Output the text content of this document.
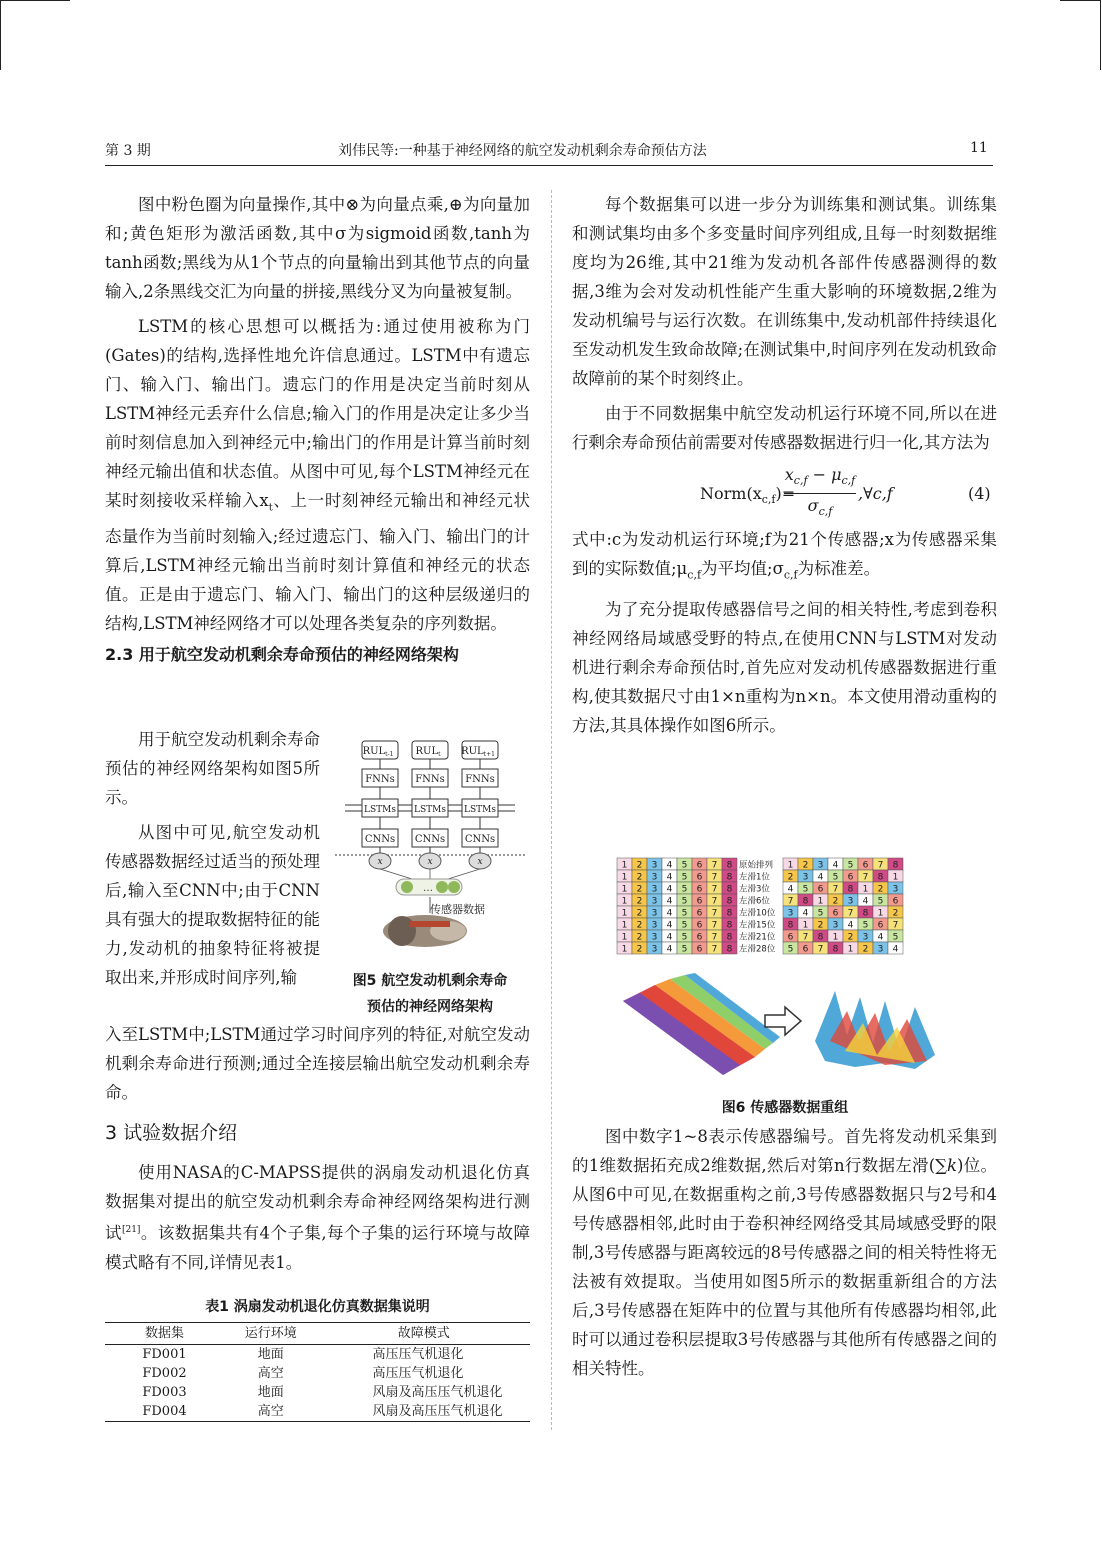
第 3 期	刘伟民等:一种基于神经网络的航空发动机剩余寿命预估方法	11

图中粉色圈为向量操作,其中⊗为向量点乘,⊕为向量加和;黄色矩形为激活函数,其中σ为sigmoid函数,tanh为tanh函数;黑线为从1个节点的向量输出到其他节点的向量输入,2条黑线交汇为向量的拼接,黑线分叉为向量被复制。

LSTM的核心思想可以概括为:通过使用被称为门(Gates)的结构,选择性地允许信息通过。LSTM中有遗忘门、输入门、输出门。遗忘门的作用是决定当前时刻从LSTM神经元丢弃什么信息;输入门的作用是决定让多少当前时刻信息加入到神经元中;输出门的作用是计算当前时刻神经元输出值和状态值。从图中可见,每个LSTM神经元在某时刻接收采样输入$x_t$、上一时刻神经元输出和神经元状态量作为当前时刻输入;经过遗忘门、输入门、输出门的计算后,LSTM神经元输出当前时刻计算值和神经元的状态值。正是由于遗忘门、输入门、输出门的这种层级递归的结构,LSTM神经网络才可以处理各类复杂的序列数据。

2.3 用于航空发动机剩余寿命预估的神经网络架构

用于航空发动机剩余寿命预估的神经网络架构如图5所示。

从图中可见,航空发动机传感器数据经过适当的预处理后,输入至CNN中;由于CNN具有强大的提取数据特征的能力,发动机的抽象特征将被提取出来,并形成时间序列,输

$RUL_{t-1}$ $RUL_t$ $RUL_{t+1}$
FNNs FNNs FNNs
LSTMs LSTMs LSTMs
CNNs CNNs CNNs
x	x	x
…
传感器数据
图5 航空发动机剩余寿命
预估的神经网络架构

入至LSTM中;LSTM通过学习时间序列的特征,对航空发动机剩余寿命进行预测;通过全连接层输出航空发动机剩余寿命。

3 试验数据介绍

使用NASA的C-MAPSS提供的涡扇发动机退化仿真数据集对提出的航空发动机剩余寿命神经网络架构进行测试[21]。该数据集共有4个子集,每个子集的运行环境与故障模式略有不同,详情见表1。

表1 涡扇发动机退化仿真数据集说明
数据集	运行环境	故障模式
FD001	地面	高压压气机退化
FD002	高空	高压压气机退化
FD003	地面	风扇及高压压气机退化
FD004	高空	风扇及高压压气机退化

每个数据集可以进一步分为训练集和测试集。训练集和测试集均由多个多变量时间序列组成,且每一时刻数据维度均为26维,其中21维为发动机各部件传感器测得的数据,3维为会对发动机性能产生重大影响的环境数据,2维为发动机编号与运行次数。在训练集中,发动机部件持续退化至发动机发生致命故障;在测试集中,时间序列在发动机致命故障前的某个时刻终止。

由于不同数据集中航空发动机运行环境不同,所以在进行剩余寿命预估前需要对传感器数据进行归一化,其方法为

$Norm(x_{c,f})=$
$x_{c,f} - \mu_{c,f}$
$\sigma_{c,f}$
,∀c,f	(4)

式中:c为发动机运行环境;f为21个传感器;x为传感器采集到的实际数值$;\mu_{c,f}$为平均值$;\sigma_{c,f}$为标准差。

为了充分提取传感器信号之间的相关特性,考虑到卷积神经网络局域感受野的特点,在使用CNN与LSTM对发动机进行剩余寿命预估时,首先应对发动机传感器数据进行重构,使其数据尺寸由1×n重构为n×n。本文使用滑动重构的方法,其具体操作如图6所示。

1 2 3 4 5 6 7 8 原始排列 1 2 3 4 5 6 7 8
1 2 3 4 5 6 7 8 左滑1位 2 3 4 5 6 7 8 1
1 2 3 4 5 6 7 8 左滑3位 4 5 6 7 8 1 2 3
1 2 3 4 5 6 7 8 左滑6位 7 8 1 2 3 4 5 6
1 2 3 4 5 6 7 8 左滑10位 3 4 5 6 7 8 1 2
1 2 3 4 5 6 7 8 左滑15位 8 1 2 3 4 5 6 7
1 2 3 4 5 6 7 8 左滑21位 6 7 8 1 2 3 4 5
1 2 3 4 5 6 7 8 左滑28位 5 6 7 8 1 2 3 4

图6 传感器数据重组

图中数字1~8表示传感器编号。首先将发动机采集到的1维数据拓充成2维数据,然后对第n行数据左滑(∑k)位。从图6中可见,在数据重构之前,3号传感器数据只与2号和4号传感器相邻,此时由于卷积神经网络受其局域感受野的限制,3号传感器与距离较远的8号传感器之间的相关特性将无法被有效提取。当使用如图5所示的数据重新组合的方法后,3号传感器在矩阵中的位置与其他所有传感器均相邻,此时可以通过卷积层提取3号传感器与其他所有传感器之间的相关特性。
